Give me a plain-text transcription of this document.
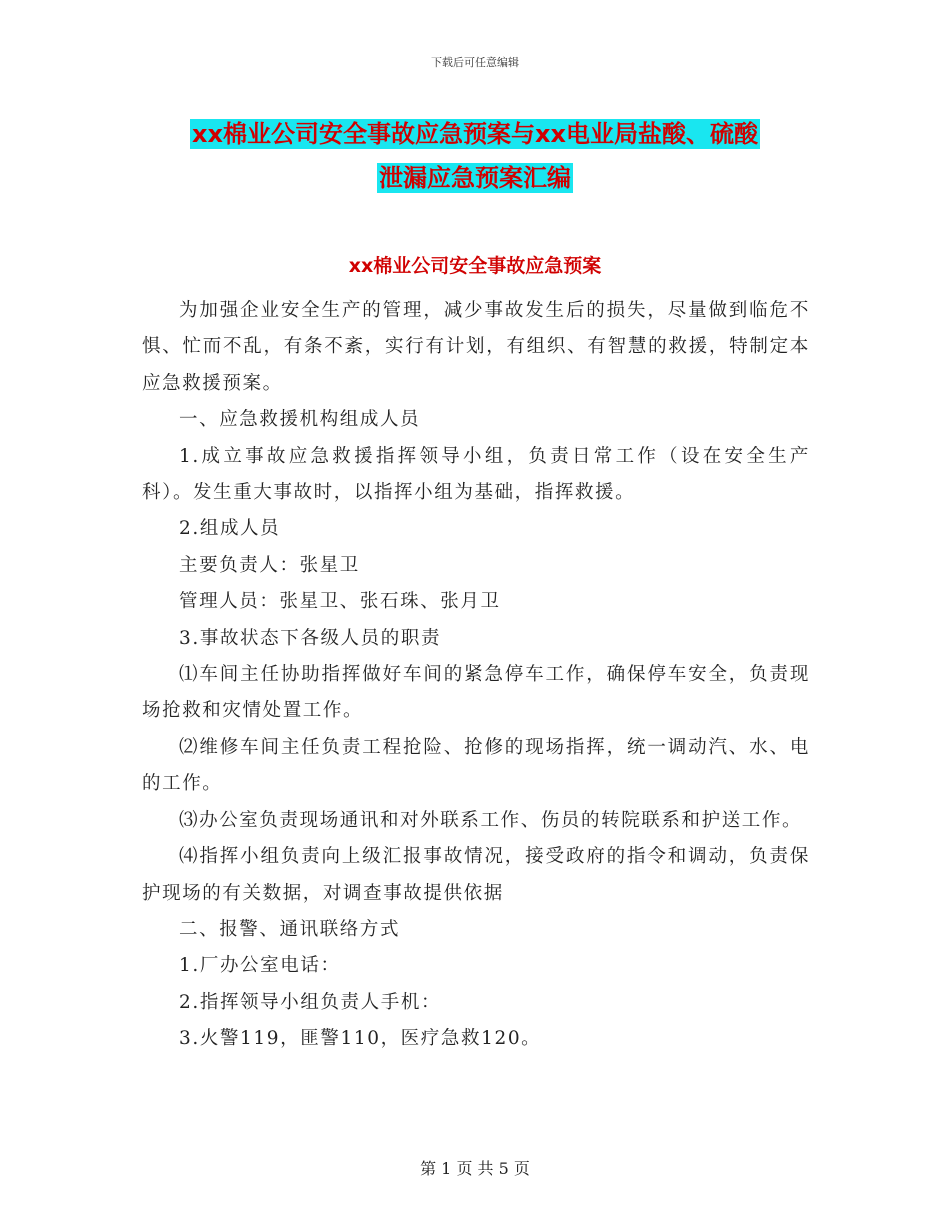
下载后可任意编辑
xx棉业公司安全事故应急预案与xx电业局盐酸、硫酸
泄漏应急预案汇编
xx棉业公司安全事故应急预案

为加强企业安全生产的管理，减少事故发生后的损失，尽量做到临危不惧、忙而不乱，有条不紊，实行有计划，有组织、有智慧的救援，特制定本应急救援预案。

一、应急救援机构组成人员

1.成立事故应急救援指挥领导小组，负责日常工作（设在安全生产科）。发生重大事故时，以指挥小组为基础，指挥救援。

2.组成人员

主要负责人：张星卫

管理人员：张星卫、张石珠、张月卫

3.事故状态下各级人员的职责

⑴车间主任协助指挥做好车间的紧急停车工作，确保停车安全，负责现场抢救和灾情处置工作。

⑵维修车间主任负责工程抢险、抢修的现场指挥，统一调动汽、水、电的工作。

⑶办公室负责现场通讯和对外联系工作、伤员的转院联系和护送工作。

⑷指挥小组负责向上级汇报事故情况，接受政府的指令和调动，负责保护现场的有关数据，对调查事故提供依据

二、报警、通讯联络方式

1.厂办公室电话：

2.指挥领导小组负责人手机：

3.火警119，匪警110，医疗急救120。

第 1 页 共 5 页
